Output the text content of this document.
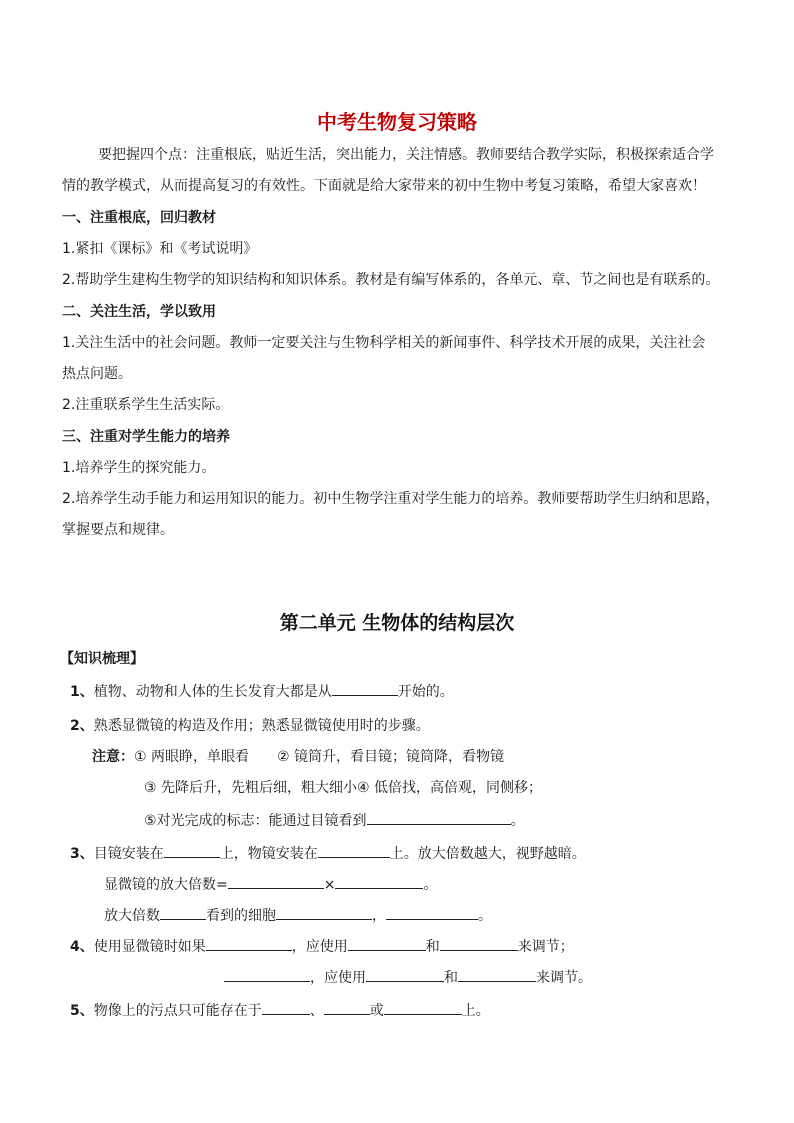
中考生物复习策略
要把握四个点：注重根底，贴近生活，突出能力，关注情感。教师要结合教学实际，积极探索适合学
情的教学模式，从而提高复习的有效性。下面就是给大家带来的初中生物中考复习策略，希望大家喜欢！
一、注重根底，回归教材
1.紧扣《课标》和《考试说明》
2.帮助学生建构生物学的知识结构和知识体系。教材是有编写体系的，各单元、章、节之间也是有联系的。
二、关注生活，学以致用
1.关注生活中的社会问题。教师一定要关注与生物科学相关的新闻事件、科学技术开展的成果，关注社会
热点问题。
2.注重联系学生生活实际。
三、注重对学生能力的培养
1.培养学生的探究能力。
2.培养学生动手能力和运用知识的能力。初中生物学注重对学生能力的培养。教师要帮助学生归纳和思路，
掌握要点和规律。
第二单元 生物体的结构层次
【知识梳理】
1、植物、动物和人体的生长发育大都是从	开始的。
2、熟悉显微镜的构造及作用；熟悉显微镜使用时的步骤。
注意：① 两眼睁，单眼看 ② 镜筒升，看目镜；镜筒降，看物镜
③ 先降后升，先粗后细，粗大细小④ 低倍找，高倍观，同侧移；
⑤对光完成的标志：能通过目镜看到	。
3、目镜安装在	上，物镜安装在	上。放大倍数越大，视野越暗。
显微镜的放大倍数=	×	。
放大倍数	看到的细胞	，	。
4、使用显微镜时如果	，应使用	和	来调节；
，应使用	和	来调节。
5、物像上的污点只可能存在于	、	或	上。
